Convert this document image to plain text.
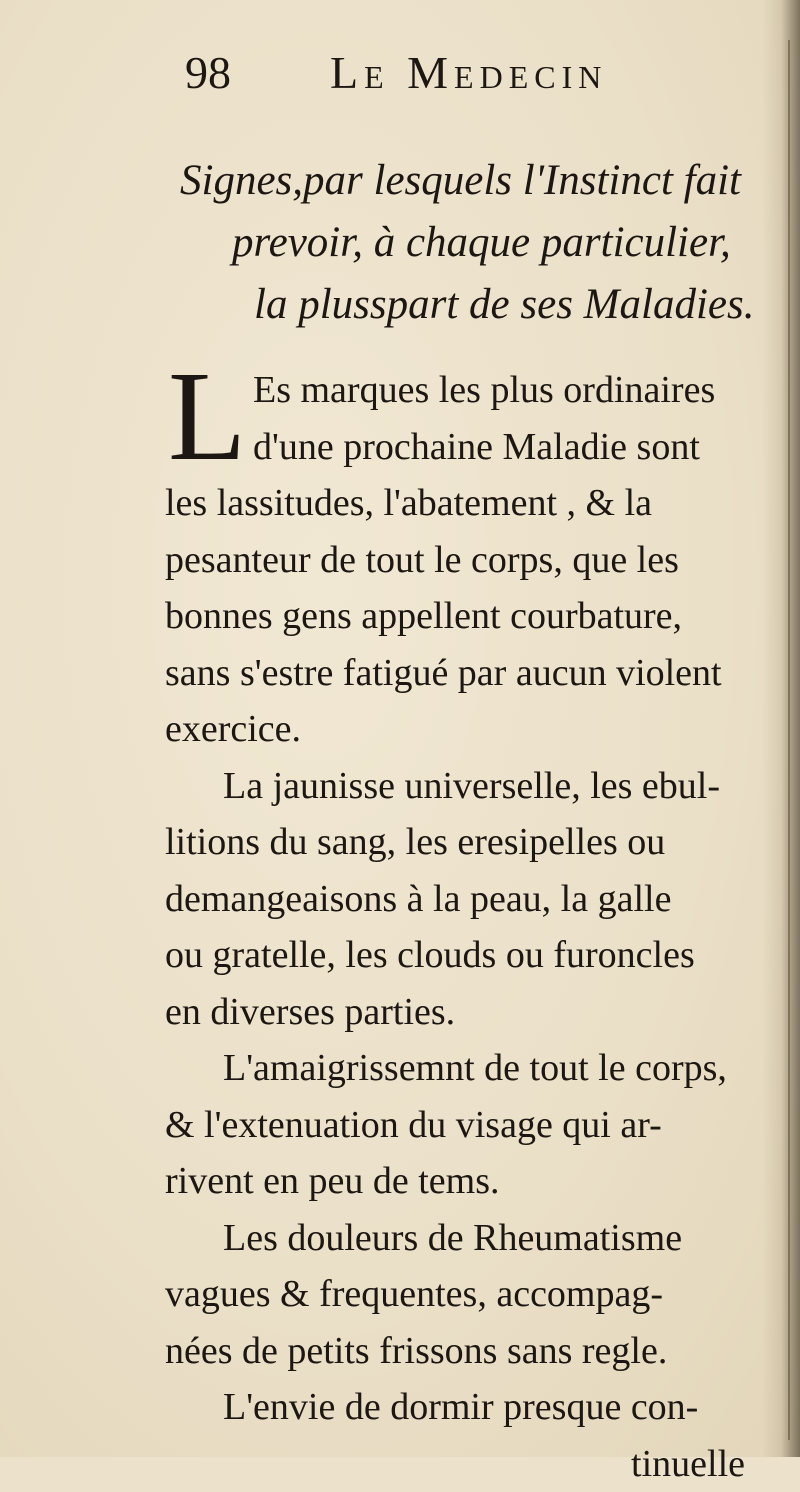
98 Le Medecin
Signes,par lesquels l'Instinct fait
prevoir, à chaque particulier,
la plusspart de ses Maladies.
L Es marques les plus ordinaires
d'une prochaine Maladie sont
les lassitudes, l'abatement , & la
pesanteur de tout le corps, que les
bonnes gens appellent courbature,
sans s'estre fatigué par aucun violent
exercice.
La jaunisse universelle, les ebul-
litions du sang, les eresipelles ou
demangeaisons à la peau, la galle
ou gratelle, les clouds ou furoncles
en diverses parties.
L'amaigrissemnt de tout le corps,
& l'extenuation du visage qui ar-
rivent en peu de tems.
Les douleurs de Rheumatisme
vagues & frequentes, accompag-
nées de petits frissons sans regle.
L'envie de dormir presque con-
tinuelle
